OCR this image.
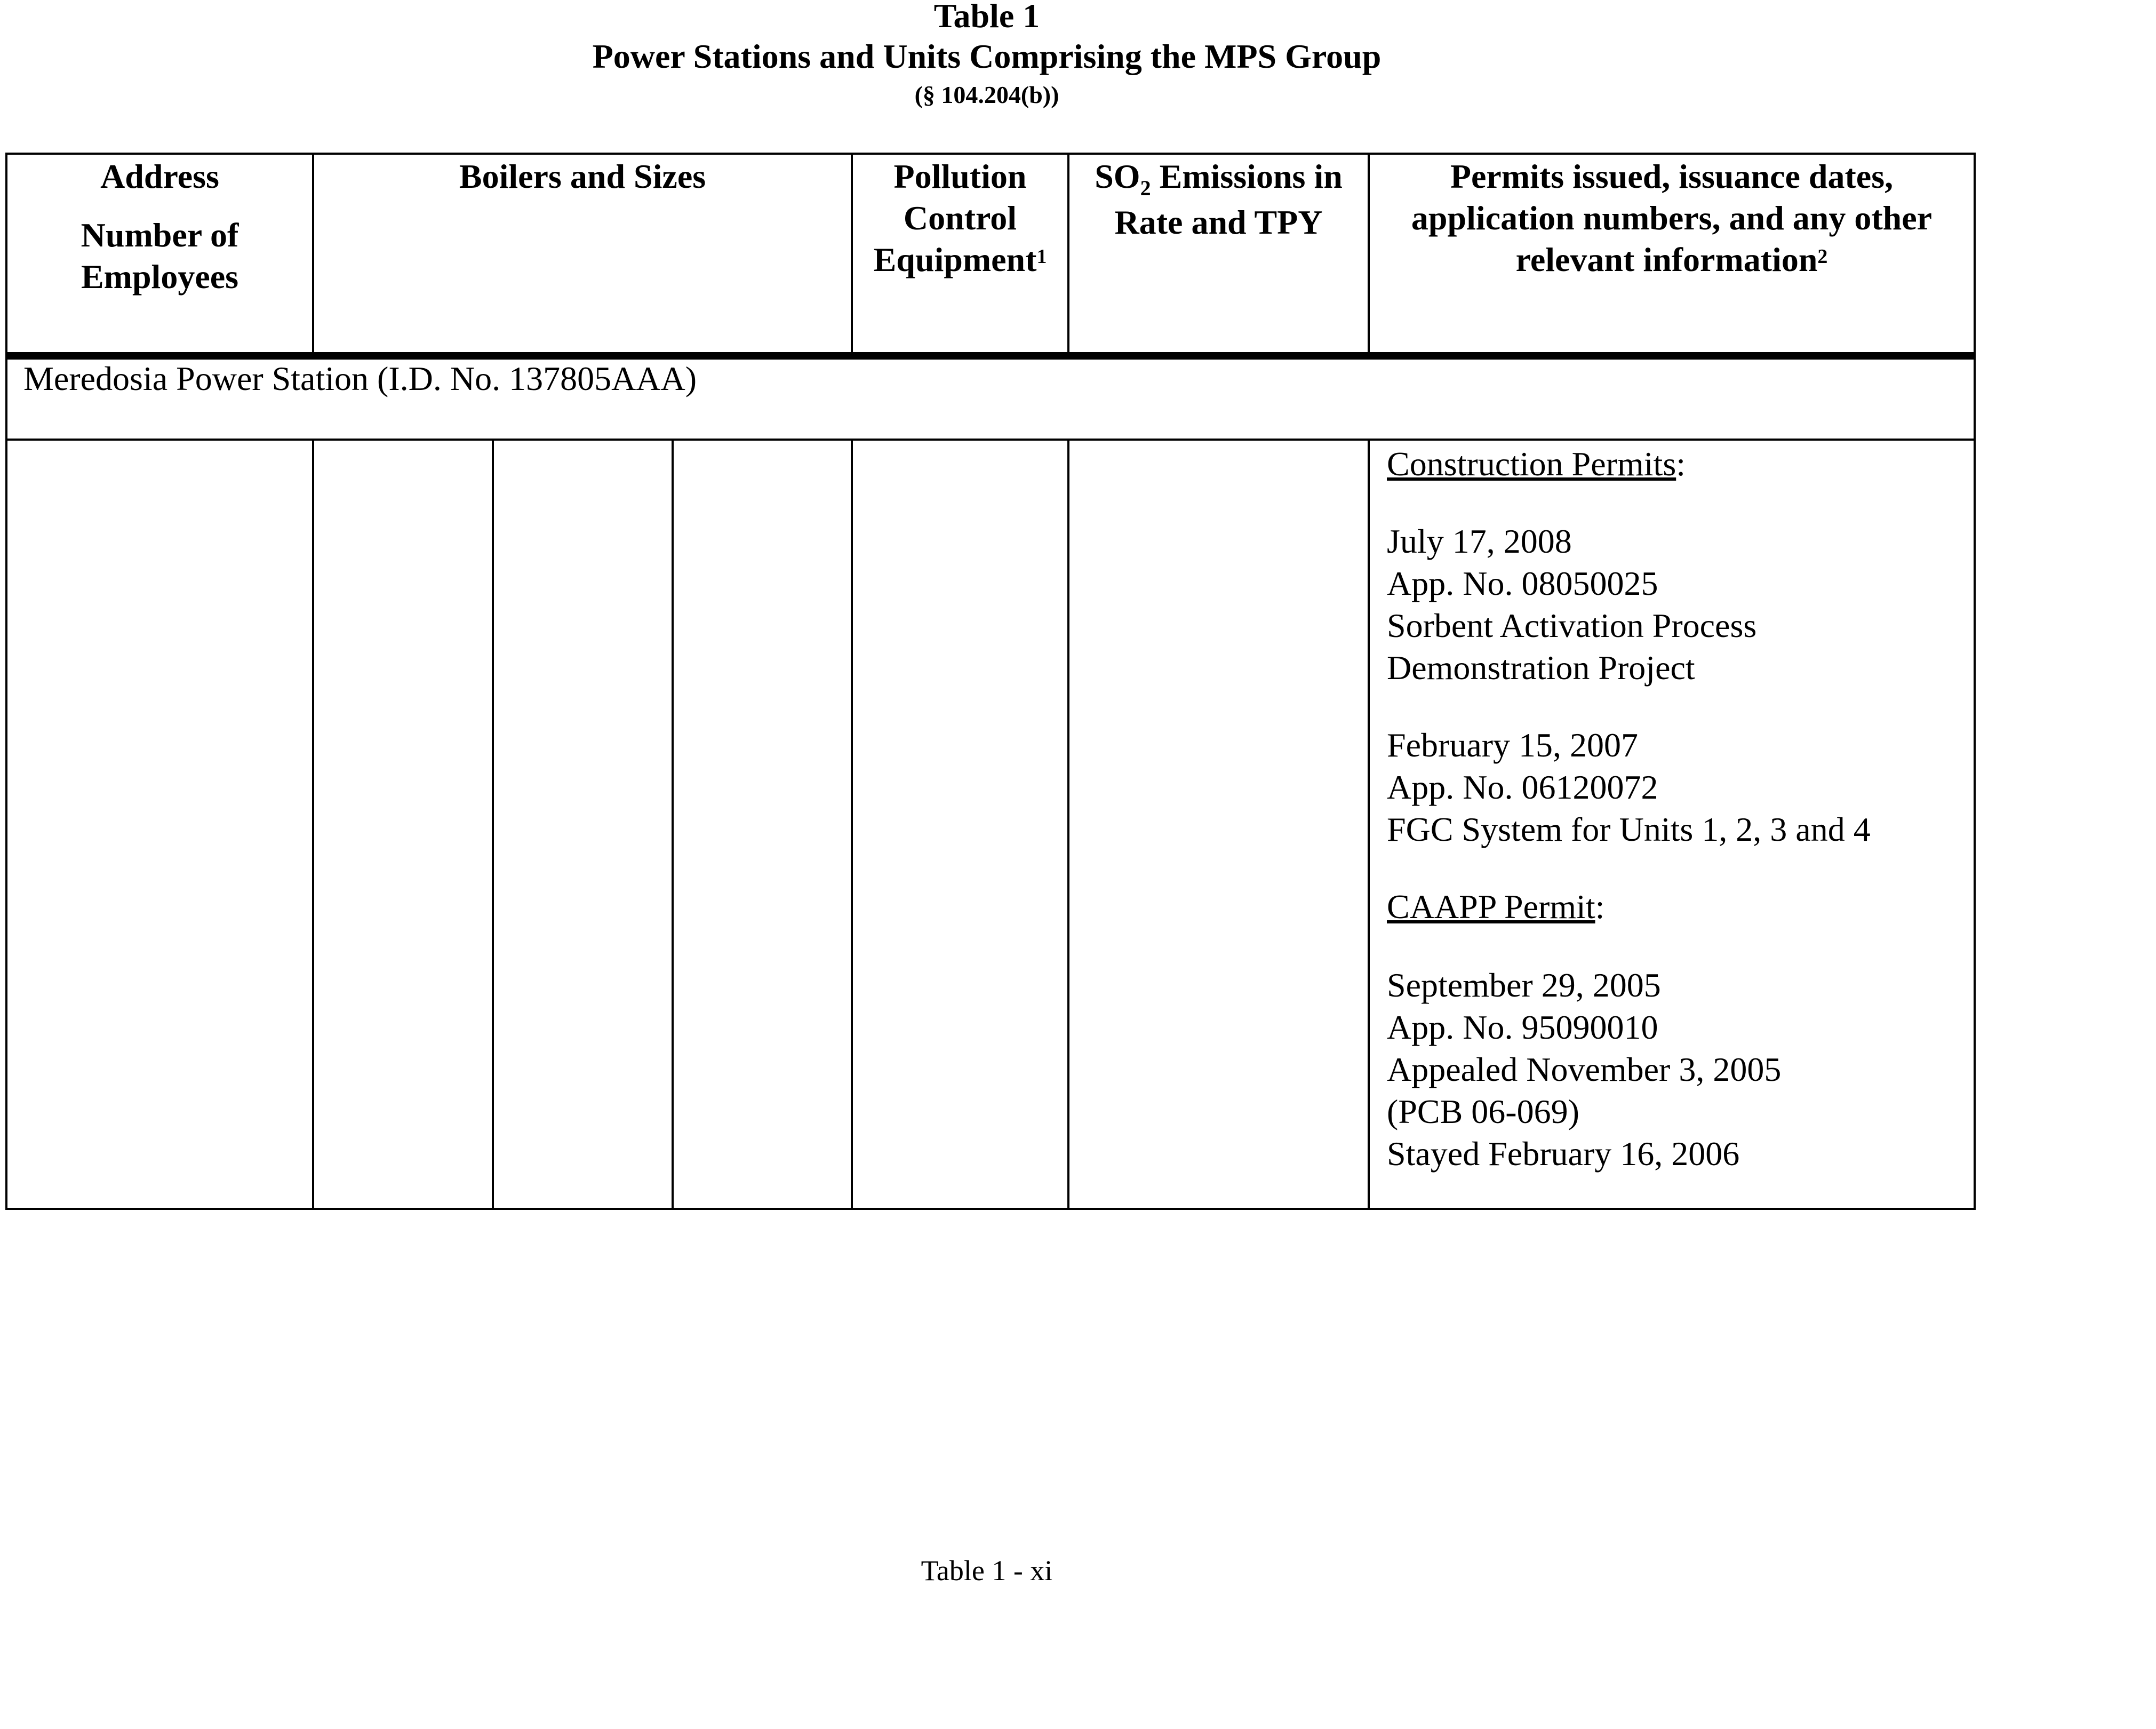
Table 1
Power Stations and Units Comprising the MPS Group
(§ 104.204(b))
Address
Number of
Employees
Boilers and Sizes	Pollution
Control
Equipment$^1$
$SO_2$ Emissions in
Rate and TPY
Permits issued, issuance dates,
application numbers, and any other
relevant information$^2$
Meredosia Power Station (I.D. No. 137805AAA)
Construction Permits:
July 17, 2008
App. No. 08050025
Sorbent Activation Process
Demonstration Project
February 15, 2007
App. No. 06120072
FGC System for Units 1, 2, 3 and 4
CAAPP Permit:
September 29, 2005
App. No. 95090010
Appealed November 3, 2005
(PCB 06-069)
Stayed February 16, 2006
Table 1 - xi
